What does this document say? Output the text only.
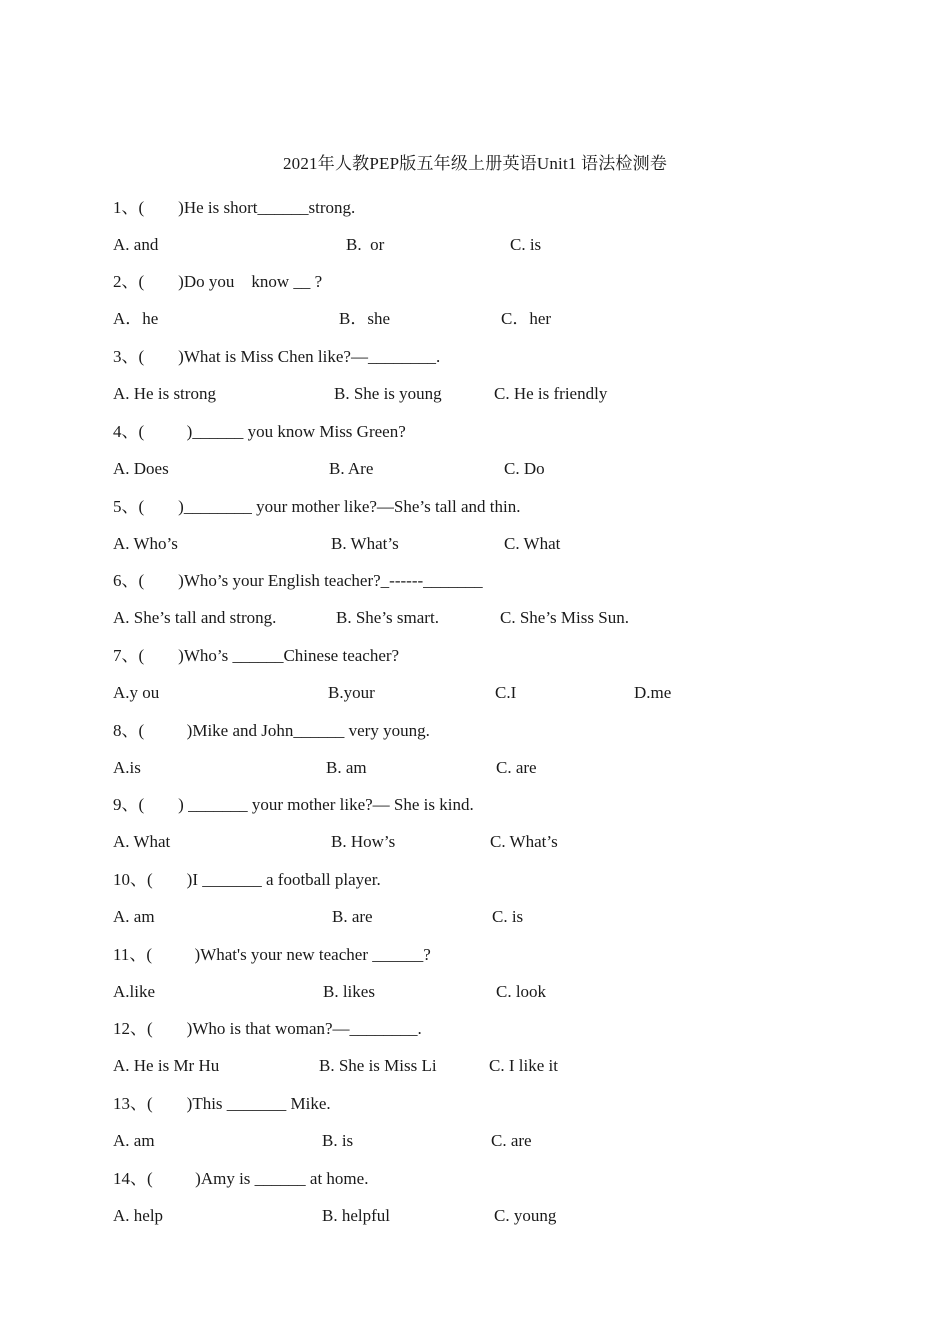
2021年人教PEP版五年级上册英语Unit1 语法检测卷
1、(        )He is short______strong.
A. and	B.  or	C. is
2、(        )Do you    know __ ?
A．he	B．she	C．her
3、(        )What is Miss Chen like?—________.
A. He is strong	B. She is young	C. He is friendly
4、(          )______ you know Miss Green?
A. Does	B. Are	C. Do
5、(        )________ your mother like?—She’s tall and thin.
A. Who’s	B. What’s	C. What
6、(        )Who’s your English teacher?_------_______
A. She’s tall and strong.	B. She’s smart.	C. She’s Miss Sun.
7、(        )Who’s ______Chinese teacher?
A.y ou	B.your	C.I	D.me
8、(          )Mike and John______ very young.
A.is	B. am	C. are
9、(        ) _______ your mother like?— She is kind.
A. What	B. How’s	C. What’s
10、(        )I _______ a football player.
A. am	B. are	C. is
11、(          )What's your new teacher ______?
A.like	B. likes	C. look
12、(        )Who is that woman?—________.
A. He is Mr Hu	B. She is Miss Li	C. I like it
13、(        )This _______ Mike.
A. am	B. is	C. are
14、(          )Amy is ______ at home.
A. help	B. helpful	C. young
